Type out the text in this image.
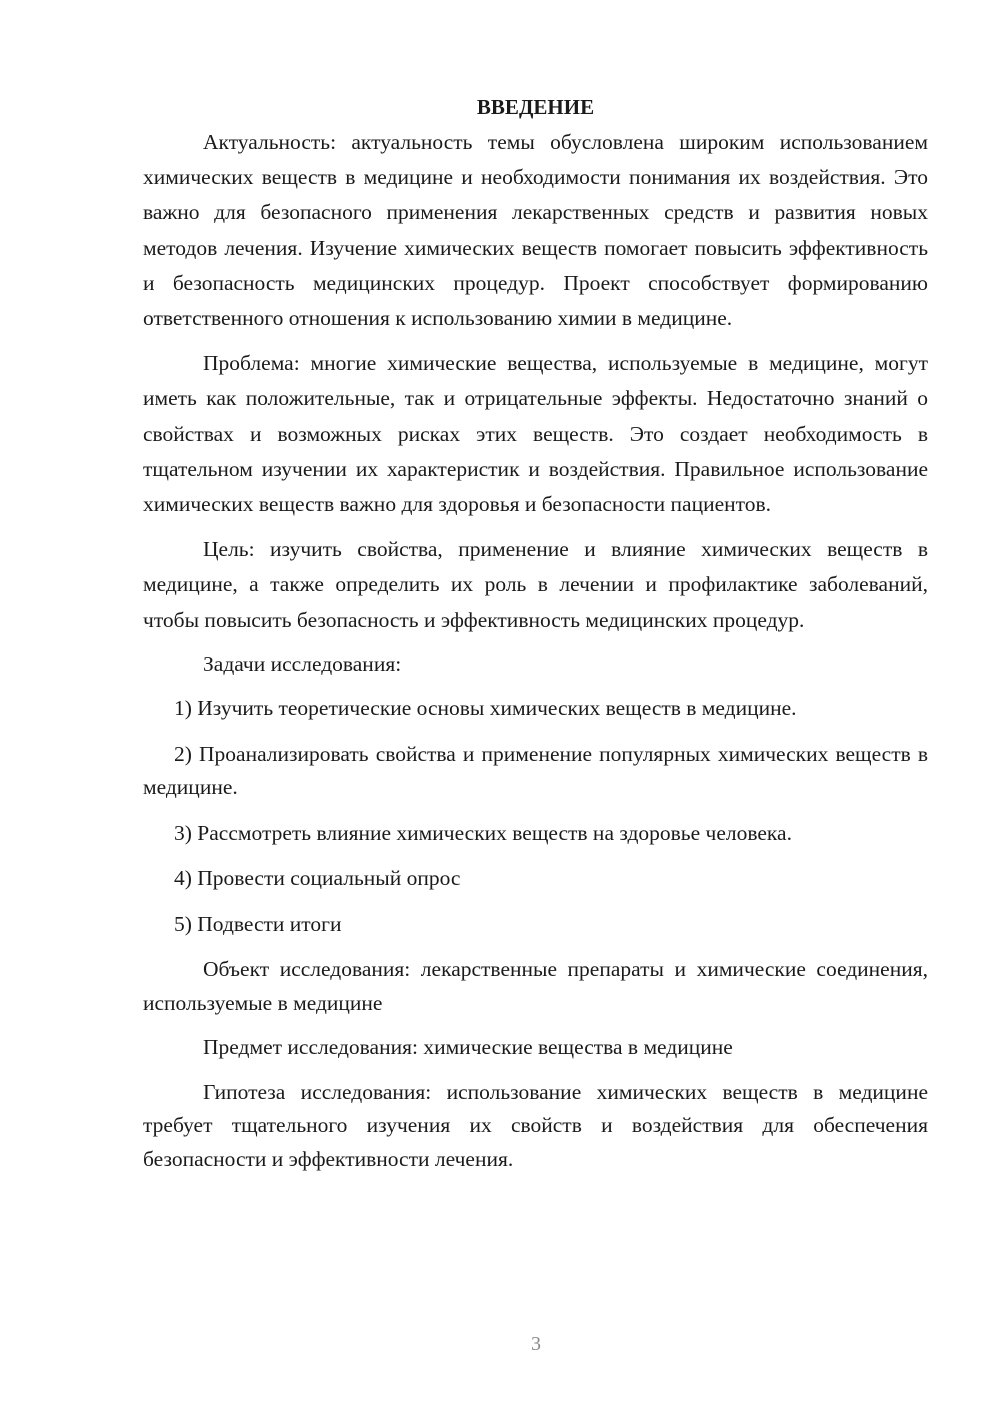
ВВЕДЕНИЕ

Актуальность: актуальность темы обусловлена широким использованием химических веществ в медицине и необходимости понимания их воздействия. Это важно для безопасного применения лекарственных средств и развития новых методов лечения. Изучение химических веществ помогает повысить эффективность и безопасность медицинских процедур. Проект способствует формированию ответственного отношения к использованию химии в медицине.

Проблема: многие химические вещества, используемые в медицине, могут иметь как положительные, так и отрицательные эффекты. Недостаточно знаний о свойствах и возможных рисках этих веществ. Это создает необходимость в тщательном изучении их характеристик и воздействия. Правильное использование химических веществ важно для здоровья и безопасности пациентов.

Цель: изучить свойства, применение и влияние химических веществ в медицине, а также определить их роль в лечении и профилактике заболеваний, чтобы повысить безопасность и эффективность медицинских процедур.

Задачи исследования:

1) Изучить теоретические основы химических веществ в медицине.

2) Проанализировать свойства и применение популярных химических веществ в медицине.

3) Рассмотреть влияние химических веществ на здоровье человека.

4) Провести социальный опрос

5) Подвести итоги

Объект исследования: лекарственные препараты и химические соединения, используемые в медицине

Предмет исследования: химические вещества в медицине

Гипотеза исследования: использование химических веществ в медицине требует тщательного изучения их свойств и воздействия для обеспечения безопасности и эффективности лечения.

3
